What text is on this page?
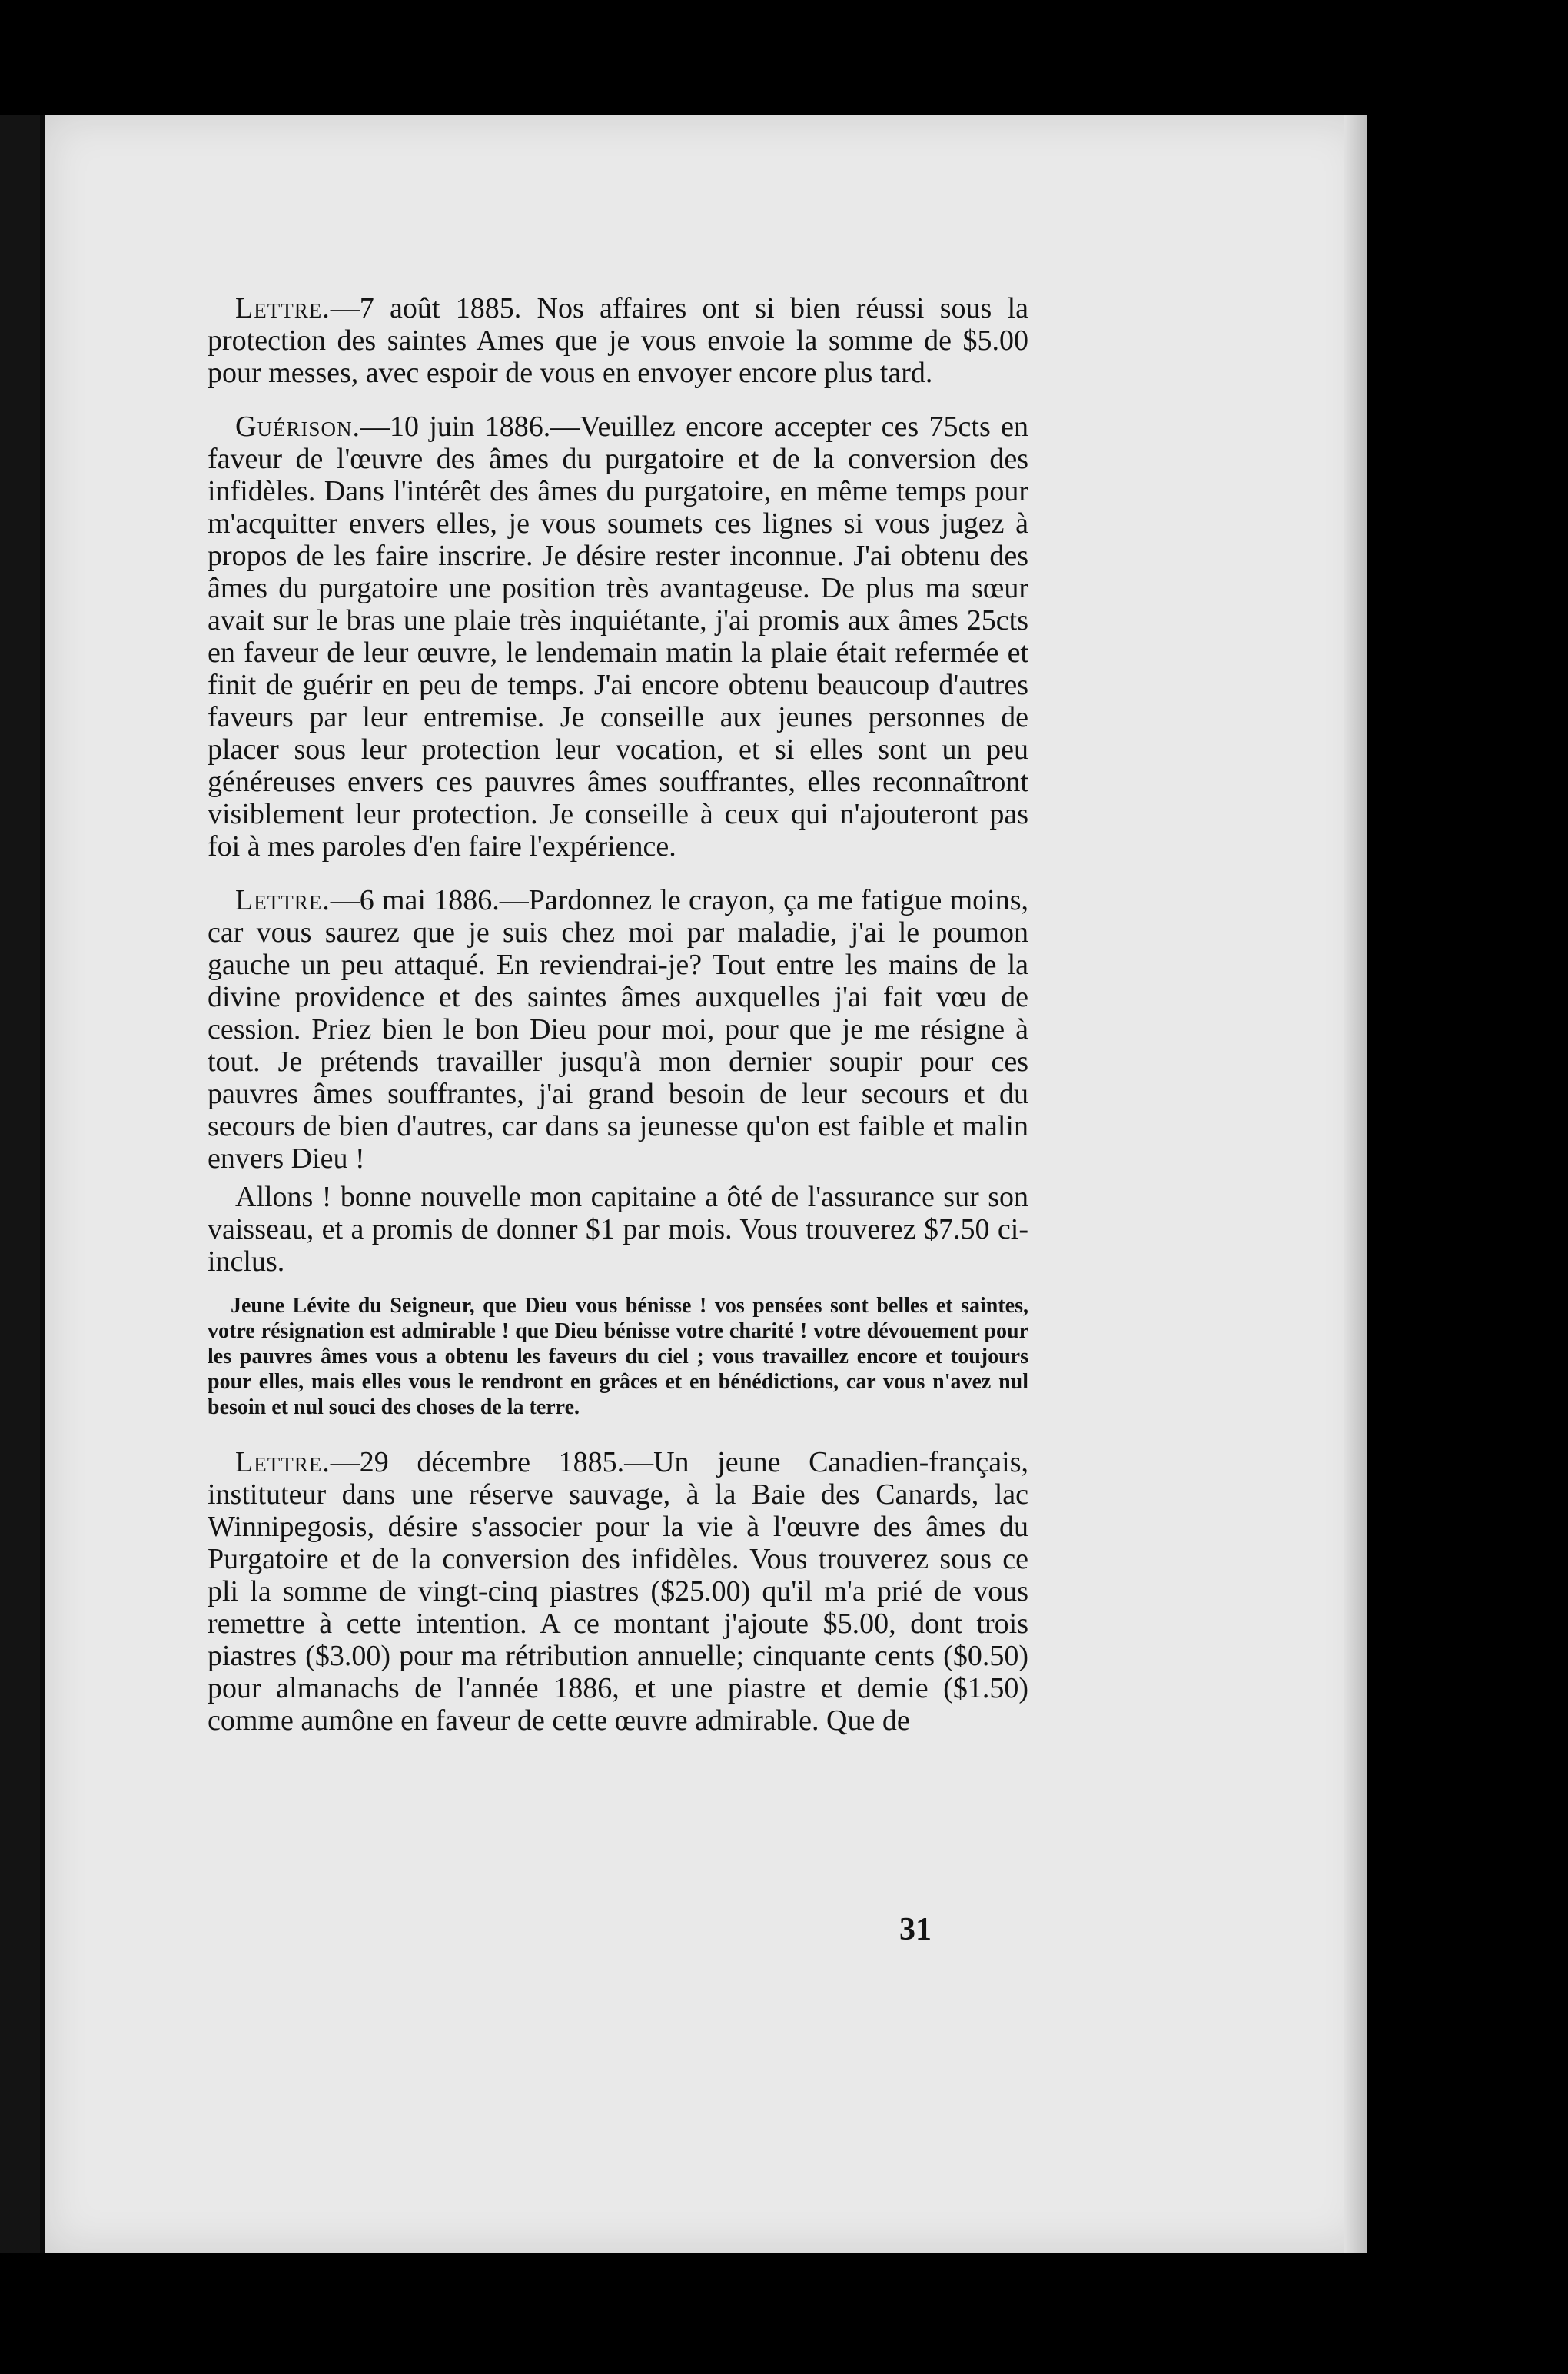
Lettre.—7 août 1885. Nos affaires ont si bien réussi sous la protection des saintes Ames que je vous envoie la somme de $5.00 pour messes, avec espoir de vous en envoyer encore plus tard.

Guérison.—10 juin 1886.—Veuillez encore accepter ces 75cts en faveur de l'œuvre des âmes du purgatoire et de la conversion des infidèles. Dans l'intérêt des âmes du purgatoire, en même temps pour m'acquitter envers elles, je vous soumets ces lignes si vous jugez à propos de les faire inscrire. Je désire rester inconnue. J'ai obtenu des âmes du purgatoire une position très avantageuse. De plus ma sœur avait sur le bras une plaie très inquiétante, j'ai promis aux âmes 25cts en faveur de leur œuvre, le lendemain matin la plaie était refermée et finit de guérir en peu de temps. J'ai encore obtenu beaucoup d'autres faveurs par leur entremise. Je conseille aux jeunes personnes de placer sous leur protection leur vocation, et si elles sont un peu généreuses envers ces pauvres âmes souffrantes, elles reconnaîtront visiblement leur protection. Je conseille à ceux qui n'ajouteront pas foi à mes paroles d'en faire l'expérience.

Lettre.—6 mai 1886.—Pardonnez le crayon, ça me fatigue moins, car vous saurez que je suis chez moi par maladie, j'ai le poumon gauche un peu attaqué. En reviendrai-je? Tout entre les mains de la divine providence et des saintes âmes auxquelles j'ai fait vœu de cession. Priez bien le bon Dieu pour moi, pour que je me résigne à tout. Je prétends travailler jusqu'à mon dernier soupir pour ces pauvres âmes souffrantes, j'ai grand besoin de leur secours et du secours de bien d'autres, car dans sa jeunesse qu'on est faible et malin envers Dieu !

Allons ! bonne nouvelle mon capitaine a ôté de l'assurance sur son vaisseau, et a promis de donner $1 par mois. Vous trouverez $7.50 ci-inclus.

Jeune Lévite du Seigneur, que Dieu vous bénisse ! vos pensées sont belles et saintes, votre résignation est admirable ! que Dieu bénisse votre charité ! votre dévouement pour les pauvres âmes vous a obtenu les faveurs du ciel ; vous travaillez encore et toujours pour elles, mais elles vous le rendront en grâces et en bénédictions, car vous n'avez nul besoin et nul souci des choses de la terre.

Lettre.—29 décembre 1885.—Un jeune Canadien-français, instituteur dans une réserve sauvage, à la Baie des Canards, lac Winnipegosis, désire s'associer pour la vie à l'œuvre des âmes du Purgatoire et de la conversion des infidèles. Vous trouverez sous ce pli la somme de vingt-cinq piastres ($25.00) qu'il m'a prié de vous remettre à cette intention. A ce montant j'ajoute $5.00, dont trois piastres ($3.00) pour ma rétribution annuelle; cinquante cents ($0.50) pour almanachs de l'année 1886, et une piastre et demie ($1.50) comme aumône en faveur de cette œuvre admirable. Que de

31
